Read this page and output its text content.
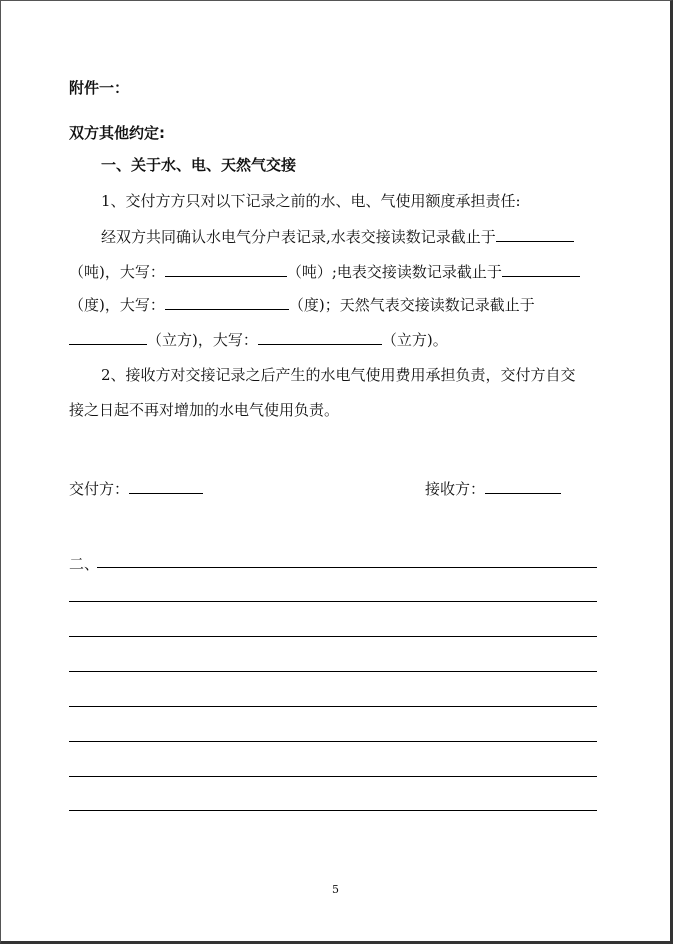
附件一：
双方其他约定:
一、关于水、电、天然气交接
1、交付方方只对以下记录之前的水、电、气使用额度承担责任:
经双方共同确认水电气分户表记录,水表交接读数记录截止于
（吨)，大写：	（吨）;电表交接读数记录截止于
（度)，大写：	（度)；天然气表交接读数记录截止于
（立方)，大写：	（立方)。
2、接收方对交接记录之后产生的水电气使用费用承担负责，交付方自交
接之日起不再对增加的水电气使用负责。
交付方：	接收方：
二、
5
